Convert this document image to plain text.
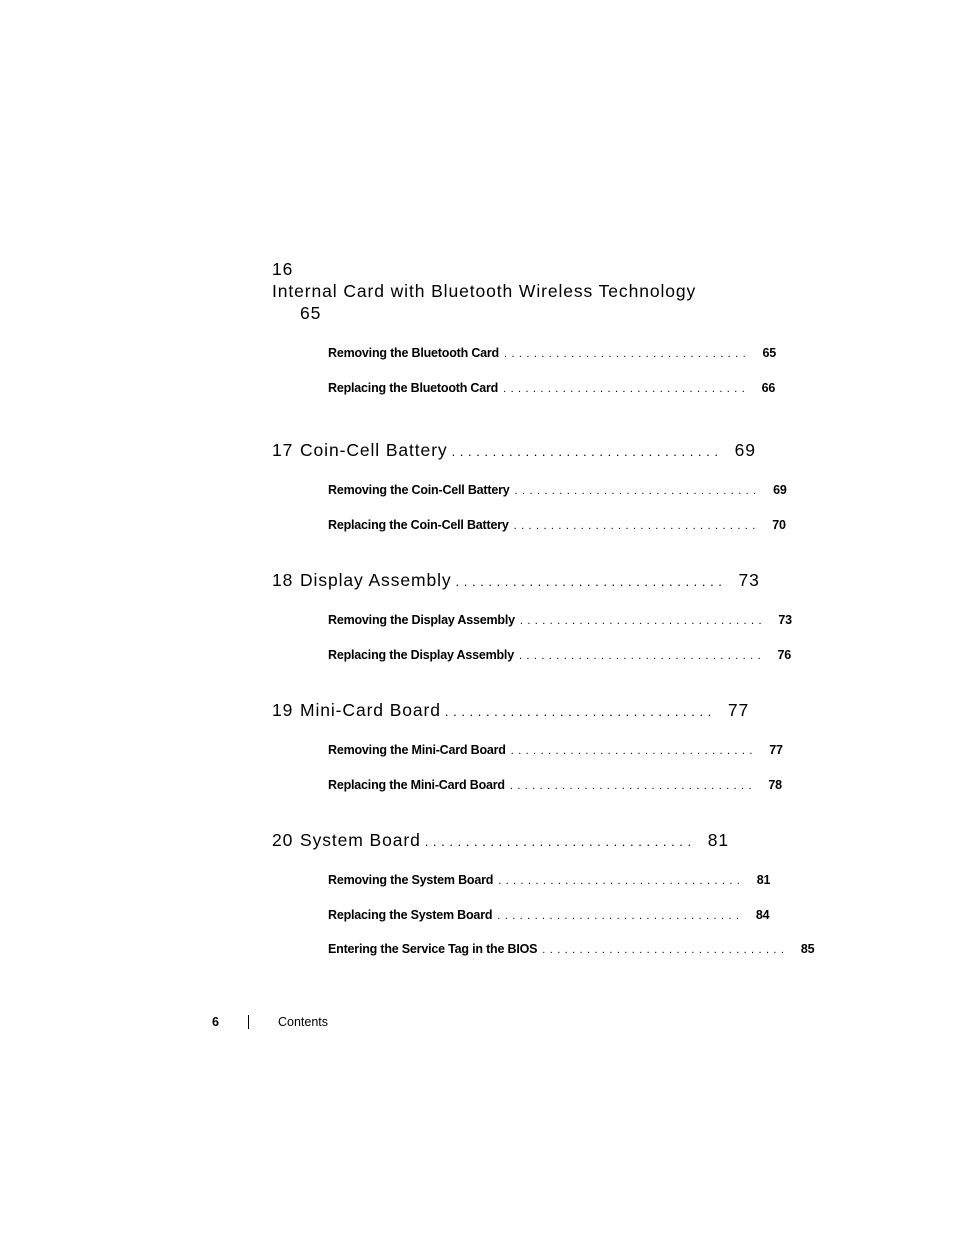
16Internal Card with Bluetooth Wireless Technology
65
Removing the Bluetooth Card ................................. 65
Replacing the Bluetooth Card ................................. 66
17 Coin-Cell Battery ................................. 69
Removing the Coin-Cell Battery ................................. 69
Replacing the Coin-Cell Battery ................................. 70
18 Display Assembly ................................. 73
Removing the Display Assembly ................................. 73
Replacing the Display Assembly ................................. 76
19 Mini-Card Board ................................. 77
Removing the Mini-Card Board ................................. 77
Replacing the Mini-Card Board ................................. 78
20 System Board ................................. 81
Removing the System Board ................................. 81
Replacing the System Board ................................. 84
Entering the Service Tag in the BIOS ................................. 85
6	Contents
